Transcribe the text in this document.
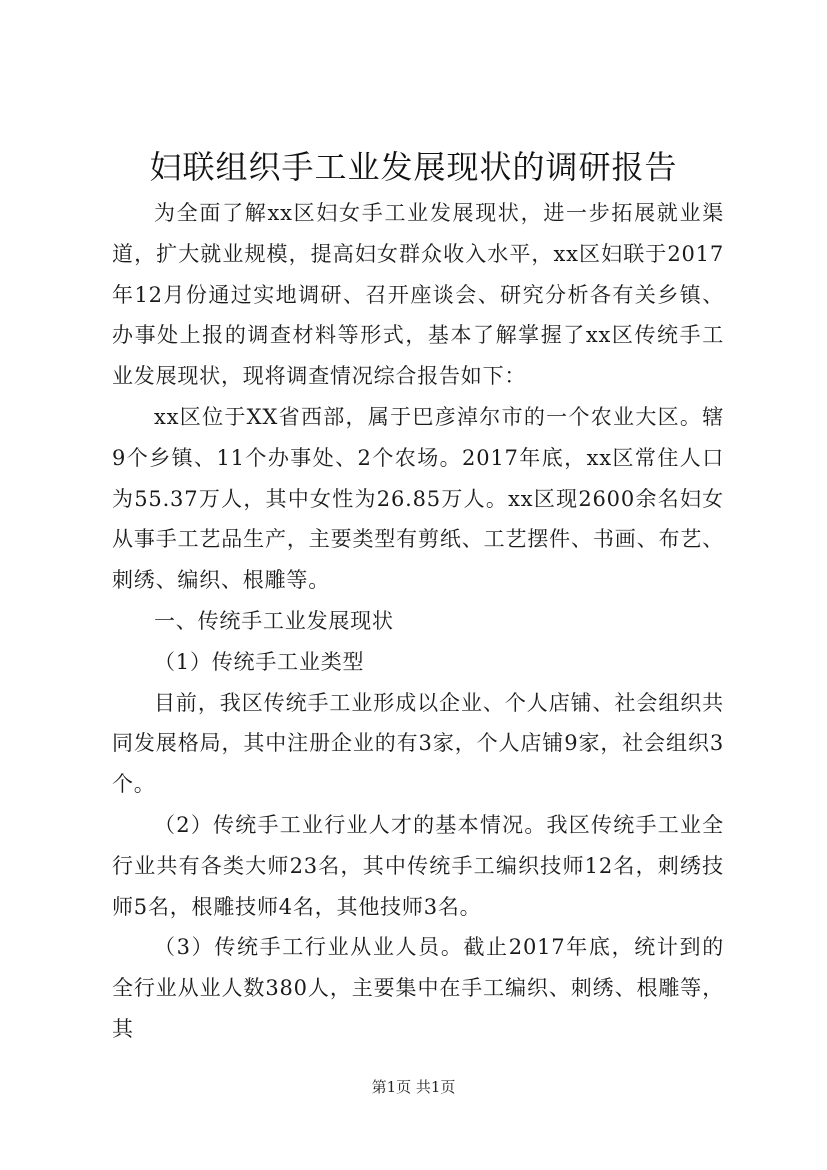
妇联组织手工业发展现状的调研报告

为全面了解xx区妇女手工业发展现状，进一步拓展就业渠道，扩大就业规模，提高妇女群众收入水平，xx区妇联于2017年12月份通过实地调研、召开座谈会、研究分析各有关乡镇、办事处上报的调查材料等形式，基本了解掌握了xx区传统手工业发展现状，现将调查情况综合报告如下：

xx区位于XX省西部，属于巴彦淖尔市的一个农业大区。辖9个乡镇、11个办事处、2个农场。2017年底，xx区常住人口为55.37万人，其中女性为26.85万人。xx区现2600余名妇女从事手工艺品生产，主要类型有剪纸、工艺摆件、书画、布艺、刺绣、编织、根雕等。

一、传统手工业发展现状

（1）传统手工业类型

目前，我区传统手工业形成以企业、个人店铺、社会组织共同发展格局，其中注册企业的有3家，个人店铺9家，社会组织3个。

（2）传统手工业行业人才的基本情况。我区传统手工业全行业共有各类大师23名，其中传统手工编织技师12名，刺绣技师5名，根雕技师4名，其他技师3名。

（3）传统手工行业从业人员。截止2017年底，统计到的全行业从业人数380人，主要集中在手工编织、刺绣、根雕等，其

第1页 共1页
